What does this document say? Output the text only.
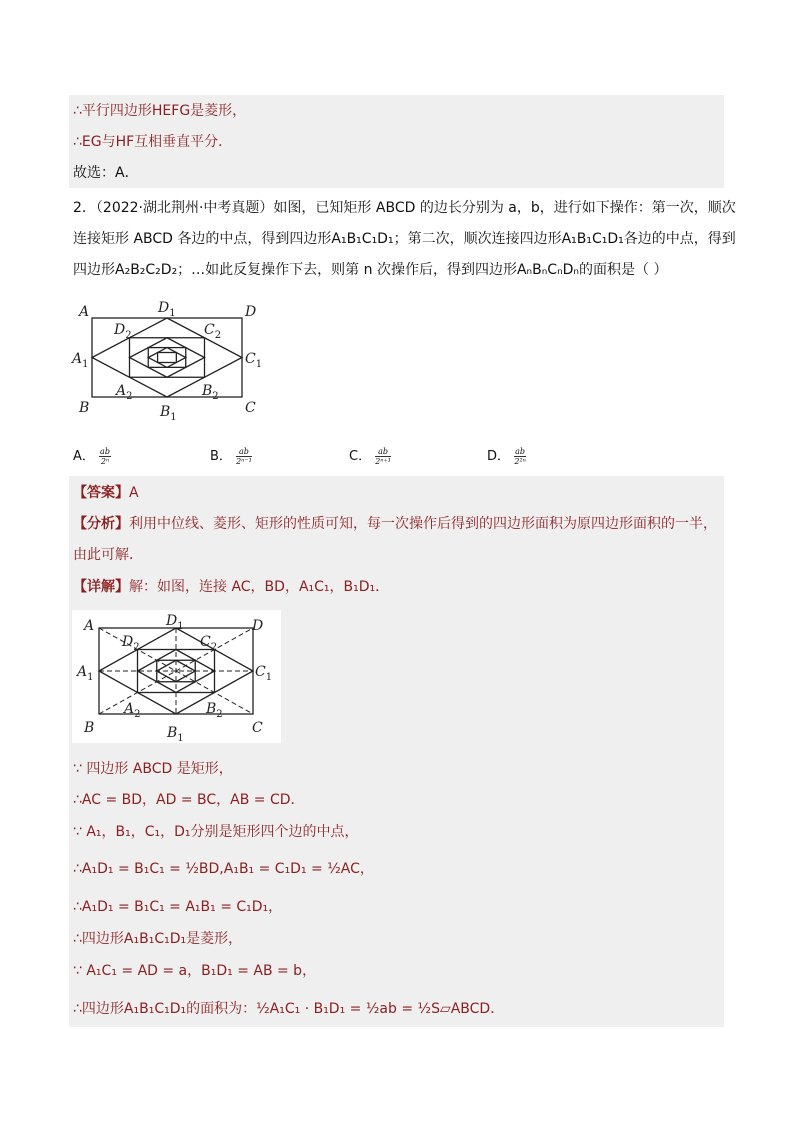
∴平行四边形HEFG是菱形，
∴EG与HF互相垂直平分．
故选：A．
2．（2022·湖北荆州·中考真题）如图，已知矩形 ABCD 的边长分别为 a，b，进行如下操作：第一次，顺次
连接矩形 ABCD 各边的中点，得到四边形A₁B₁C₁D₁；第二次，顺次连接四边形A₁B₁C₁D₁各边的中点，得到
四边形A₂B₂C₂D₂；…如此反复操作下去，则第 n 次操作后，得到四边形AₙBₙCₙDₙ的面积是（ ）
A	$D_1$	D
$D_2$	$C_2$
$A_1$	$C_1$
$A_2$	$B_2$
B	$B_1$
C
A． $\frac{ab}{\text{2ⁿ}}$	B． $\frac{ab}{\text{2ⁿ⁻¹}}$	C． $\frac{ab}{\text{2ⁿ⁺¹}}$	D． $\frac{ab}{\text{2²ⁿ}}$
【答案】A
【分析】利用中位线、菱形、矩形的性质可知，每一次操作后得到的四边形面积为原四边形面积的一半，
由此可解．
【详解】解：如图，连接 AC，BD，A₁C₁，B₁D₁．
A	$D_1$	D
$D_2$	$C_2$
$A_1$	$C_1$
$A_2$	$B_2$
B	$B_1$
C
∵ 四边形 ABCD 是矩形，
∴AC = BD，AD = BC，AB = CD．
∵ A₁，B₁，C₁，D₁分别是矩形四个边的中点，
∴A₁D₁ = B₁C₁ = ½BD,A₁B₁ = C₁D₁ = ½AC，
∴A₁D₁ = B₁C₁ = A₁B₁ = C₁D₁，
∴四边形A₁B₁C₁D₁是菱形，
∵ A₁C₁ = AD = a，B₁D₁ = AB = b，
∴四边形A₁B₁C₁D₁的面积为：½A₁C₁ · B₁D₁ = ½ab = ½S▱ABCD．
